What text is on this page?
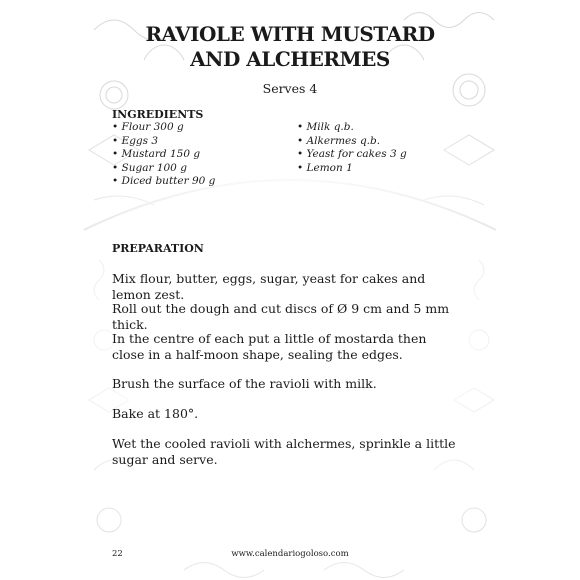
RAVIOLE WITH MUSTARD
AND ALCHERMES
Serves 4
INGREDIENTS
• Flour 300 g
• Eggs 3
• Mustard 150 g
• Sugar 100 g
• Diced butter 90 g
• Milk q.b.
• Alkermes q.b.
• Yeast for cakes 3 g
• Lemon 1
PREPARATION

Mix flour, butter, eggs, sugar, yeast for cakes and lemon zest.

Roll out the dough and cut discs of Ø 9 cm and 5 mm thick.

In the centre of each put a little of mostarda then close in a half-moon shape, sealing the edges.

Brush the surface of the ravioli with milk.

Bake at 180°.

Wet the cooled ravioli with alchermes, sprinkle a little sugar and serve.

22	www.calendariogoloso.com
